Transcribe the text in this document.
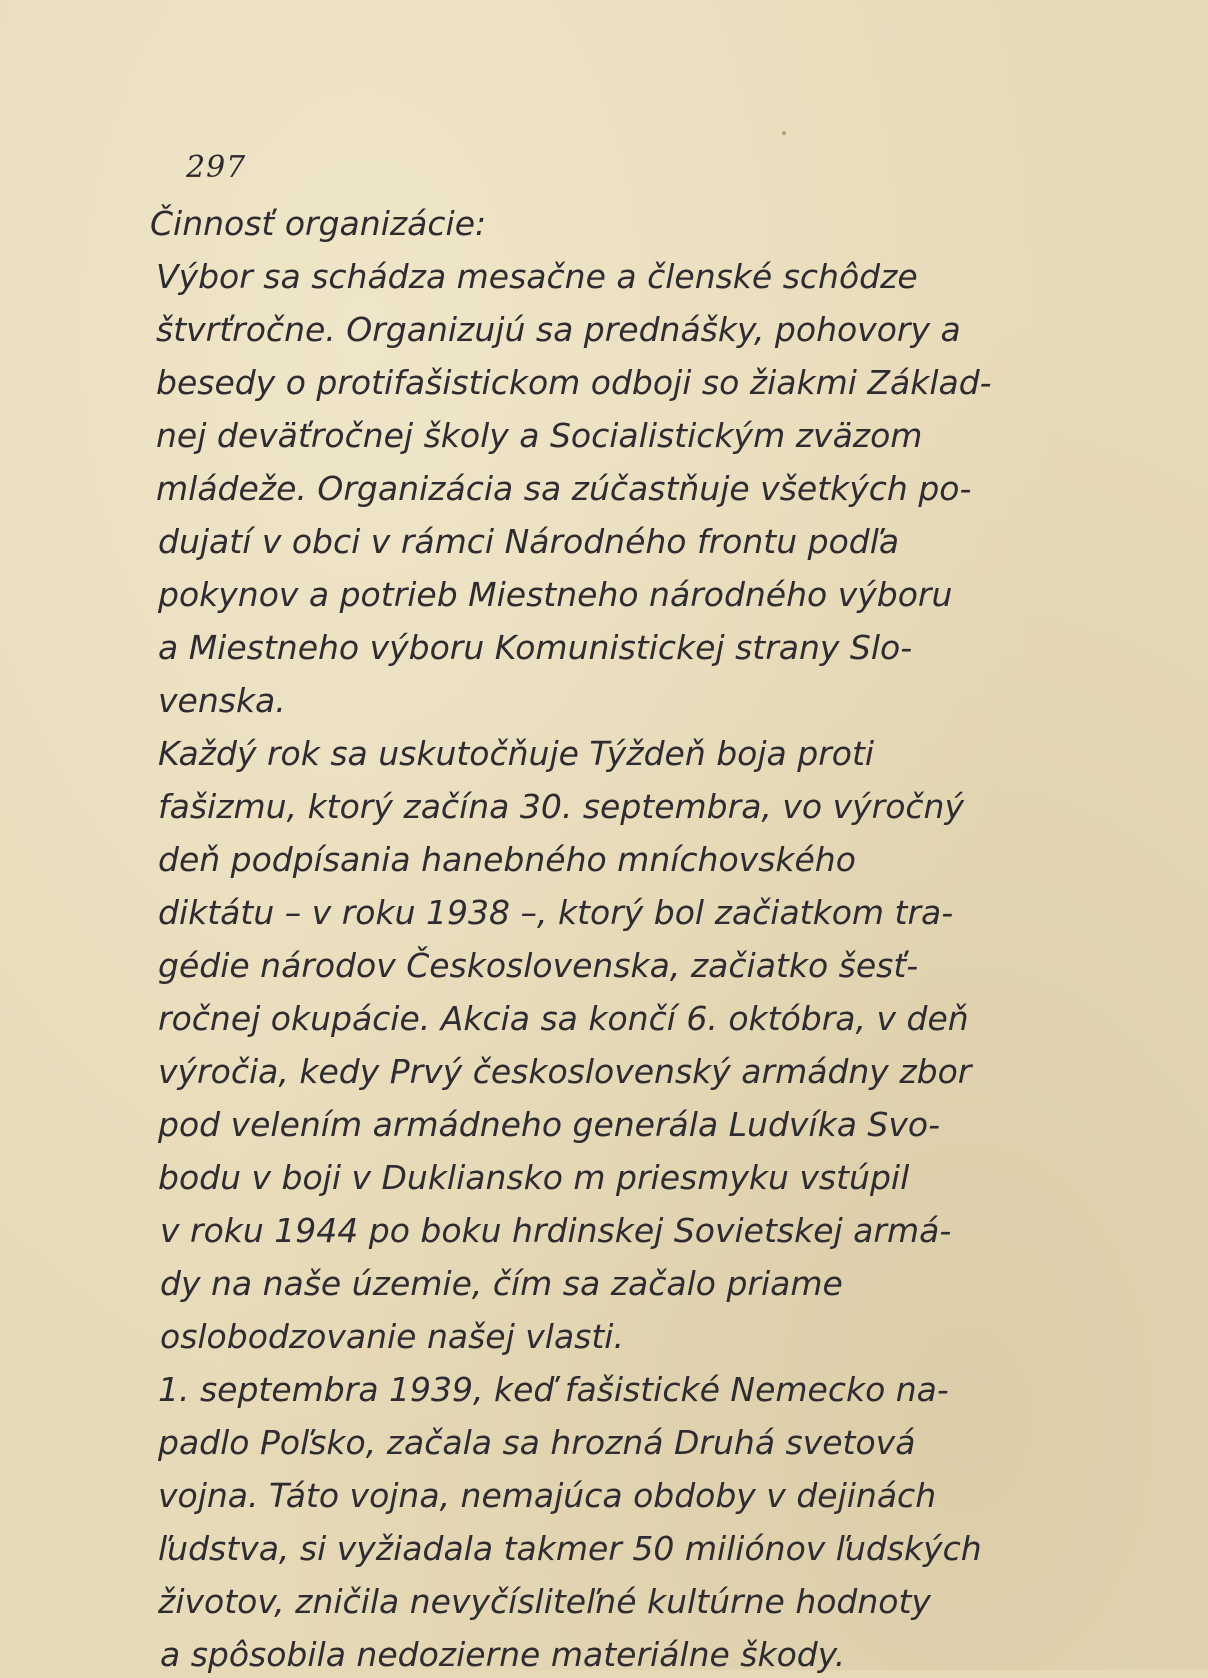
297
Činnosť organizácie:
Výbor sa schádza mesačne a členské schôdze
štvrťročne. Organizujú sa prednášky, pohovory a
besedy o protifašistickom odboji so žiakmi Základ-
nej deväťročnej školy a Socialistickým zväzom
mládeže. Organizácia sa zúčastňuje všetkých po-
dujatí v obci v rámci Národného frontu podľa
pokynov a potrieb Miestneho národného výboru
a Miestneho výboru Komunistickej strany Slo-
venska.
Každý rok sa uskutočňuje Týždeň boja proti
fašizmu, ktorý začína 30. septembra, vo výročný
deň podpísania hanebného mníchovského
diktátu – v roku 1938 –, ktorý bol začiatkom tra-
gédie národov Československa, začiatko šesť-
ročnej okupácie. Akcia sa končí 6. októbra, v deň
výročia, kedy Prvý československý armádny zbor
pod velením armádneho generála Ludvíka Svo-
bodu v boji v Dukliansko m priesmyku vstúpil
v roku 1944 po boku hrdinskej Sovietskej armá-
dy na naše územie, čím sa začalo priame
oslobodzovanie našej vlasti.
1. septembra 1939, keď fašistické Nemecko na-
padlo Poľsko, začala sa hrozná Druhá svetová
vojna. Táto vojna, nemajúca obdoby v dejinách
ľudstva, si vyžiadala takmer 50 miliónov ľudských
životov, zničila nevyčísliteľné kultúrne hodnoty
a spôsobila nedozierne materiálne škody.
